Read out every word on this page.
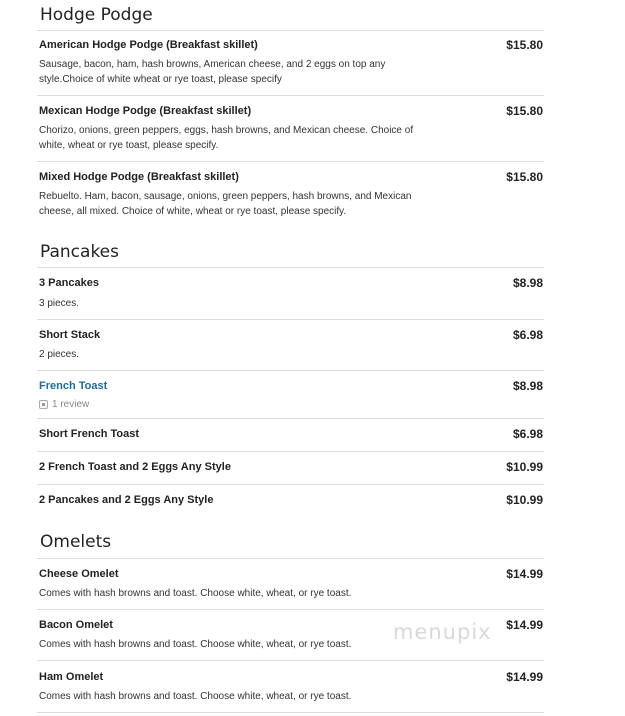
Hodge Podge
American Hodge Podge (Breakfast skillet)	$15.80
Sausage, bacon, ham, hash browns, American cheese, and 2 eggs on top any style.Choice of white wheat or rye toast, please specify
Mexican Hodge Podge (Breakfast skillet)	$15.80
Chorizo, onions, green peppers, eggs, hash browns, and Mexican cheese. Choice of white, wheat or rye toast, please specify.
Mixed Hodge Podge (Breakfast skillet)	$15.80
Rebuelto. Ham, bacon, sausage, onions, green peppers, hash browns, and Mexican cheese, all mixed. Choice of white, wheat or rye toast, please specify.
Pancakes
3 Pancakes	$8.98
3 pieces.
Short Stack	$6.98
2 pieces.
French Toast	$8.98
1 review
Short French Toast	$6.98
2 French Toast and 2 Eggs Any Style	$10.99
2 Pancakes and 2 Eggs Any Style	$10.99
Omelets
Cheese Omelet	$14.99
Comes with hash browns and toast. Choose white, wheat, or rye toast.
Bacon Omelet	$14.99
Comes with hash browns and toast. Choose white, wheat, or rye toast.
Ham Omelet	$14.99
Comes with hash browns and toast. Choose white, wheat, or rye toast.
menupix
